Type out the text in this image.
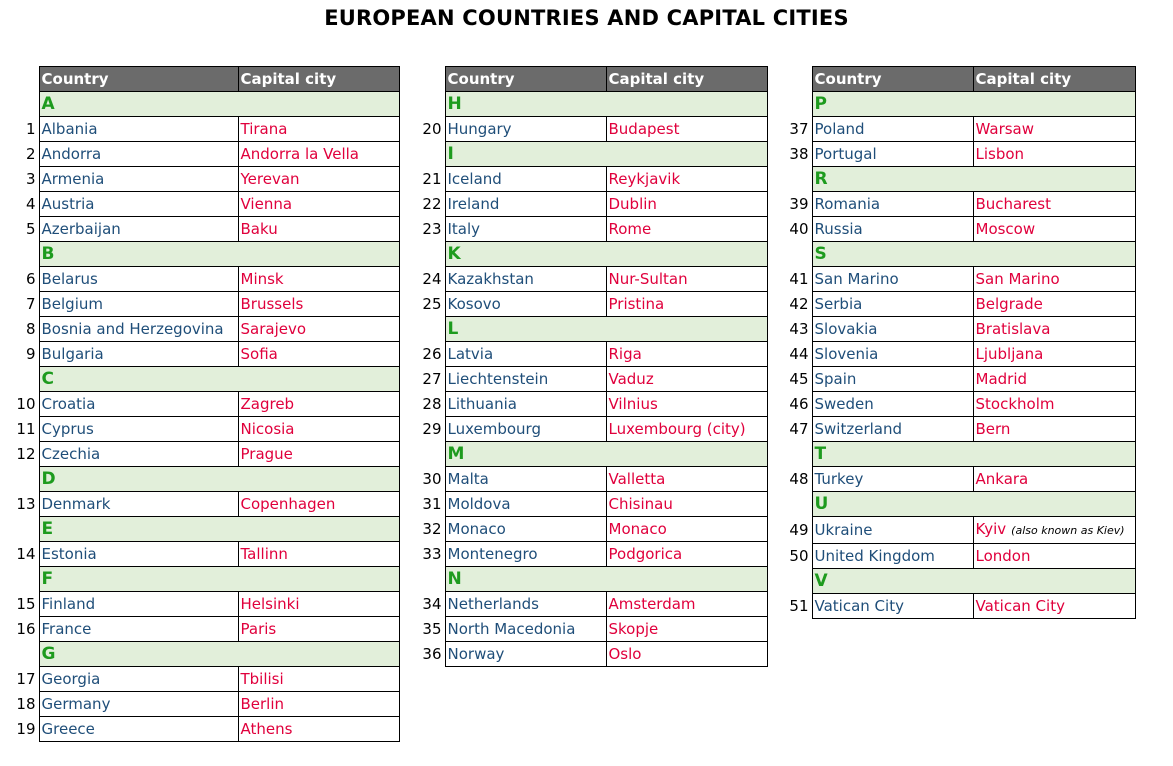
EUROPEAN COUNTRIES AND CAPITAL CITIES
	Country	Capital city
	A	
1	Albania	Tirana
2	Andorra	Andorra la Vella
3	Armenia	Yerevan
4	Austria	Vienna
5	Azerbaijan	Baku
	B	
6	Belarus	Minsk
7	Belgium	Brussels
8	Bosnia and Herzegovina	Sarajevo
9	Bulgaria	Sofia
	C	
10	Croatia	Zagreb
11	Cyprus	Nicosia
12	Czechia	Prague
	D	
13	Denmark	Copenhagen
	E	
14	Estonia	Tallinn
	F	
15	Finland	Helsinki
16	France	Paris
	G	
17	Georgia	Tbilisi
18	Germany	Berlin
19	Greece	Athens
	Country	Capital city
	H	
20	Hungary	Budapest
	I	
21	Iceland	Reykjavik
22	Ireland	Dublin
23	Italy	Rome
	K	
24	Kazakhstan	Nur-Sultan
25	Kosovo	Pristina
	L	
26	Latvia	Riga
27	Liechtenstein	Vaduz
28	Lithuania	Vilnius
29	Luxembourg	Luxembourg (city)
	M	
30	Malta	Valletta
31	Moldova	Chisinau
32	Monaco	Monaco
33	Montenegro	Podgorica
	N	
34	Netherlands	Amsterdam
35	North Macedonia	Skopje
36	Norway	Oslo
	Country	Capital city
	P	
37	Poland	Warsaw
38	Portugal	Lisbon
	R	
39	Romania	Bucharest
40	Russia	Moscow
	S	
41	San Marino	San Marino
42	Serbia	Belgrade
43	Slovakia	Bratislava
44	Slovenia	Ljubljana
45	Spain	Madrid
46	Sweden	Stockholm
47	Switzerland	Bern
	T	
48	Turkey	Ankara
	U	
49	Ukraine	Kyiv (also known as Kiev)
50	United Kingdom	London
	V	
51	Vatican City	Vatican City
